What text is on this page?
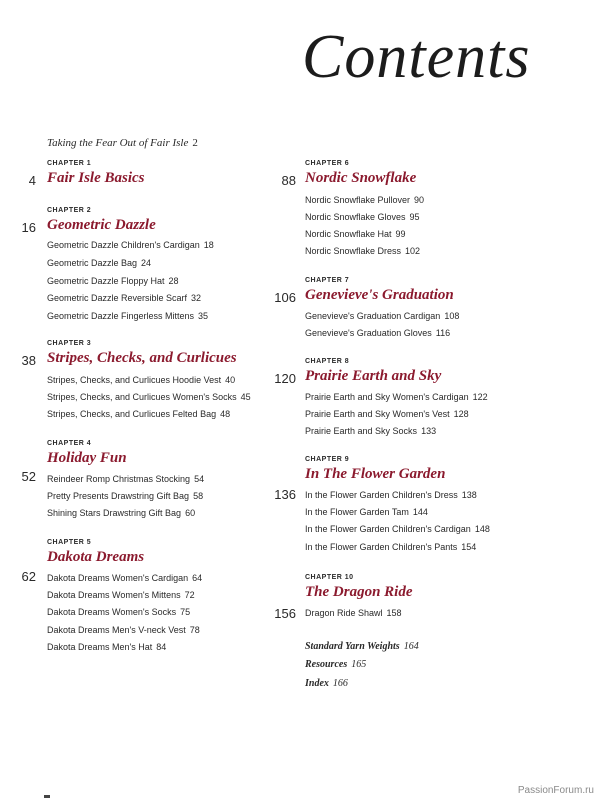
Contents
Taking the Fear Out of Fair Isle 2
CHAPTER 1
4 Fair Isle Basics
CHAPTER 2
16 Geometric Dazzle
Geometric Dazzle Children's Cardigan 18
Geometric Dazzle Bag 24
Geometric Dazzle Floppy Hat 28
Geometric Dazzle Reversible Scarf 32
Geometric Dazzle Fingerless Mittens 35
CHAPTER 3
38 Stripes, Checks, and Curlicues
Stripes, Checks, and Curlicues Hoodie Vest 40
Stripes, Checks, and Curlicues Women's Socks 45
Stripes, Checks, and Curlicues Felted Bag 48
CHAPTER 4
52
Holiday Fun
Reindeer Romp Christmas Stocking 54
Pretty Presents Drawstring Gift Bag 58
Shining Stars Drawstring Gift Bag 60
CHAPTER 5
62
Dakota Dreams
Dakota Dreams Women's Cardigan 64
Dakota Dreams Women's Mittens 72
Dakota Dreams Women's Socks 75
Dakota Dreams Men's V-neck Vest 78
Dakota Dreams Men's Hat 84
CHAPTER 6
88 Nordic Snowflake
Nordic Snowflake Pullover 90
Nordic Snowflake Gloves 95
Nordic Snowflake Hat 99
Nordic Snowflake Dress 102
CHAPTER 7
106 Genevieve's Graduation
Genevieve's Graduation Cardigan 108
Genevieve's Graduation Gloves 116
CHAPTER 8
120 Prairie Earth and Sky
Prairie Earth and Sky Women's Cardigan 122
Prairie Earth and Sky Women's Vest 128
Prairie Earth and Sky Socks 133
CHAPTER 9
136
In The Flower Garden
In the Flower Garden Children's Dress 138
In the Flower Garden Tam 144
In the Flower Garden Children's Cardigan 148
In the Flower Garden Children's Pants 154
CHAPTER 10
156
The Dragon Ride
Dragon Ride Shawl 158
Standard Yarn Weights 164
Resources 165
Index 166
PassionForum.ru
